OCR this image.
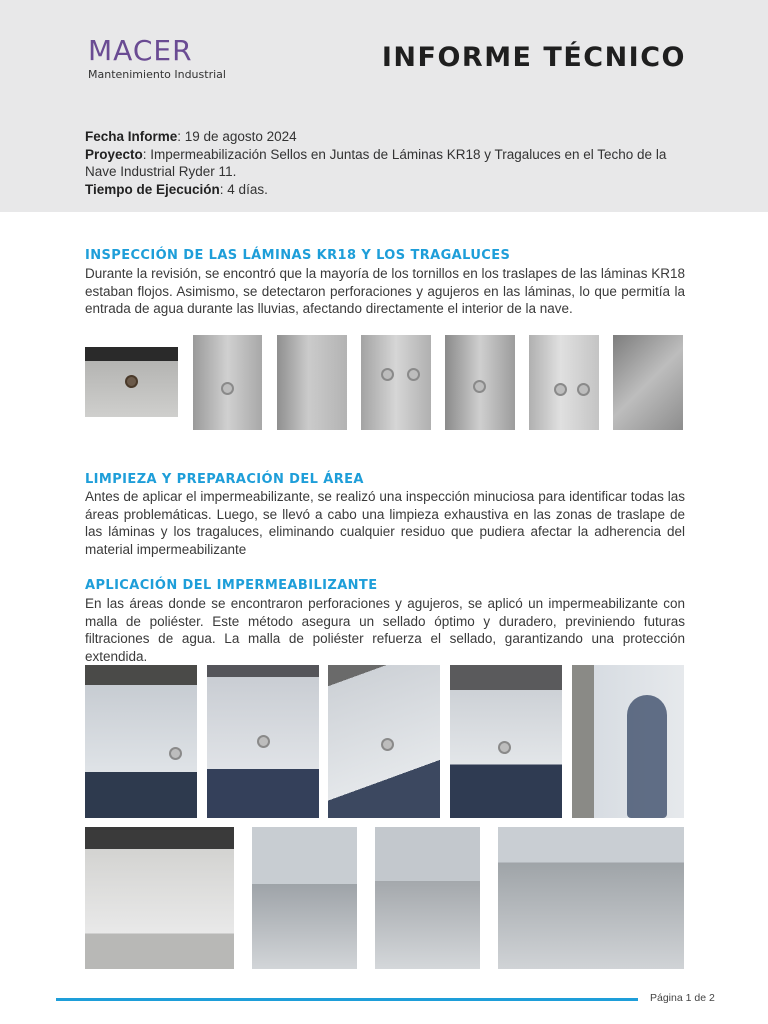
MACER
Mantenimiento Industrial
INFORME TÉCNICO
Fecha Informe: 19 de agosto 2024
Proyecto: Impermeabilización Sellos en Juntas de Láminas KR18 y Tragaluces en el Techo de la Nave Industrial Ryder 11.
Tiempo de Ejecución: 4 días.
INSPECCIÓN DE LAS LÁMINAS KR18 Y LOS TRAGALUCES
Durante la revisión, se encontró que la mayoría de los tornillos en los traslapes de las láminas KR18 estaban flojos. Asimismo, se detectaron perforaciones y agujeros en las láminas, lo que permitía la entrada de agua durante las lluvias, afectando directamente el interior de la nave.
LIMPIEZA Y PREPARACIÓN DEL ÁREA
Antes de aplicar el impermeabilizante, se realizó una inspección minuciosa para identificar todas las áreas problemáticas. Luego, se llevó a cabo una limpieza exhaustiva en las zonas de traslape de las láminas y los tragaluces, eliminando cualquier residuo que pudiera afectar la adherencia del material impermeabilizante
APLICACIÓN DEL IMPERMEABILIZANTE
En las áreas donde se encontraron perforaciones y agujeros, se aplicó un impermeabilizante con malla de poliéster. Este método asegura un sellado óptimo y duradero, previniendo futuras filtraciones de agua. La malla de poliéster refuerza el sellado, garantizando una protección extendida.
Página 1 de 2
